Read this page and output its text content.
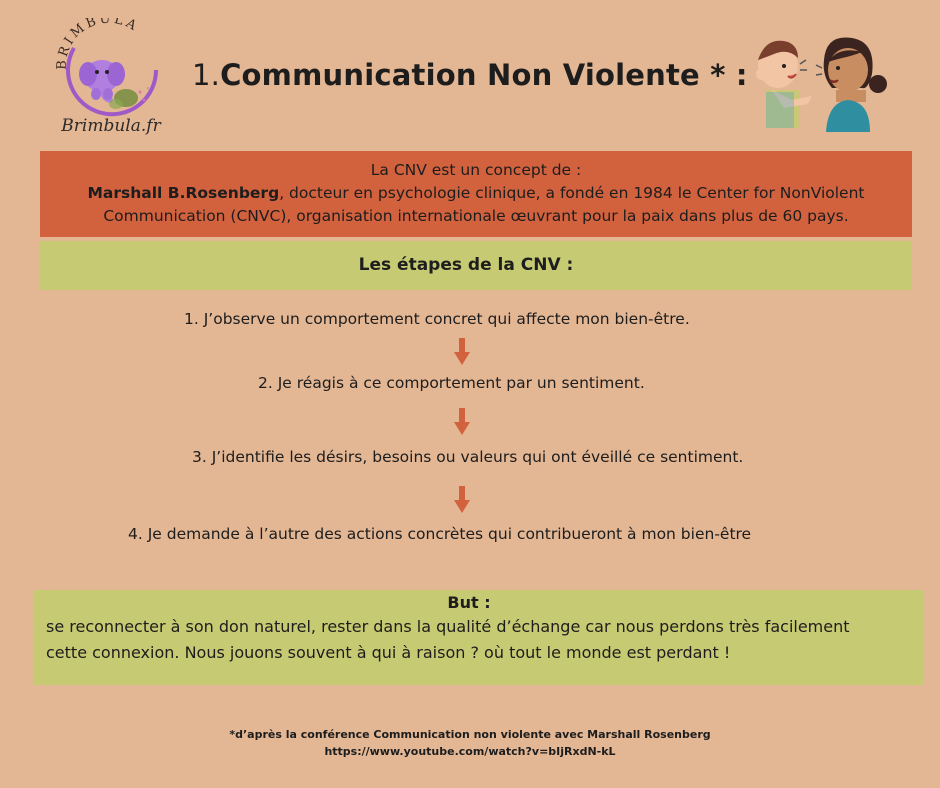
BRIMBULA
Brimbula.fr
1.Communication Non Violente * :
La CNV est un concept de :
Marshall B.Rosenberg, docteur en psychologie clinique, a fondé en 1984 le Center for NonViolent
Communication (CNVC), organisation internationale œuvrant pour la paix dans plus de 60 pays.
Les étapes de la CNV :
1. J’observe un comportement concret qui affecte mon bien-être.
2. Je réagis à ce comportement par un sentiment.
3. J’identifie les désirs, besoins ou valeurs qui ont éveillé ce sentiment.
4. Je demande à l’autre des actions concrètes qui contribueront à mon bien-être
But :
se reconnecter à son don naturel, rester dans la qualité d’échange car nous perdons très facilement
cette connexion. Nous jouons souvent à qui à raison ? où tout le monde est perdant !
*d’après la conférence Communication non violente avec Marshall Rosenberg
https://www.youtube.com/watch?v=bIjRxdN-kL
